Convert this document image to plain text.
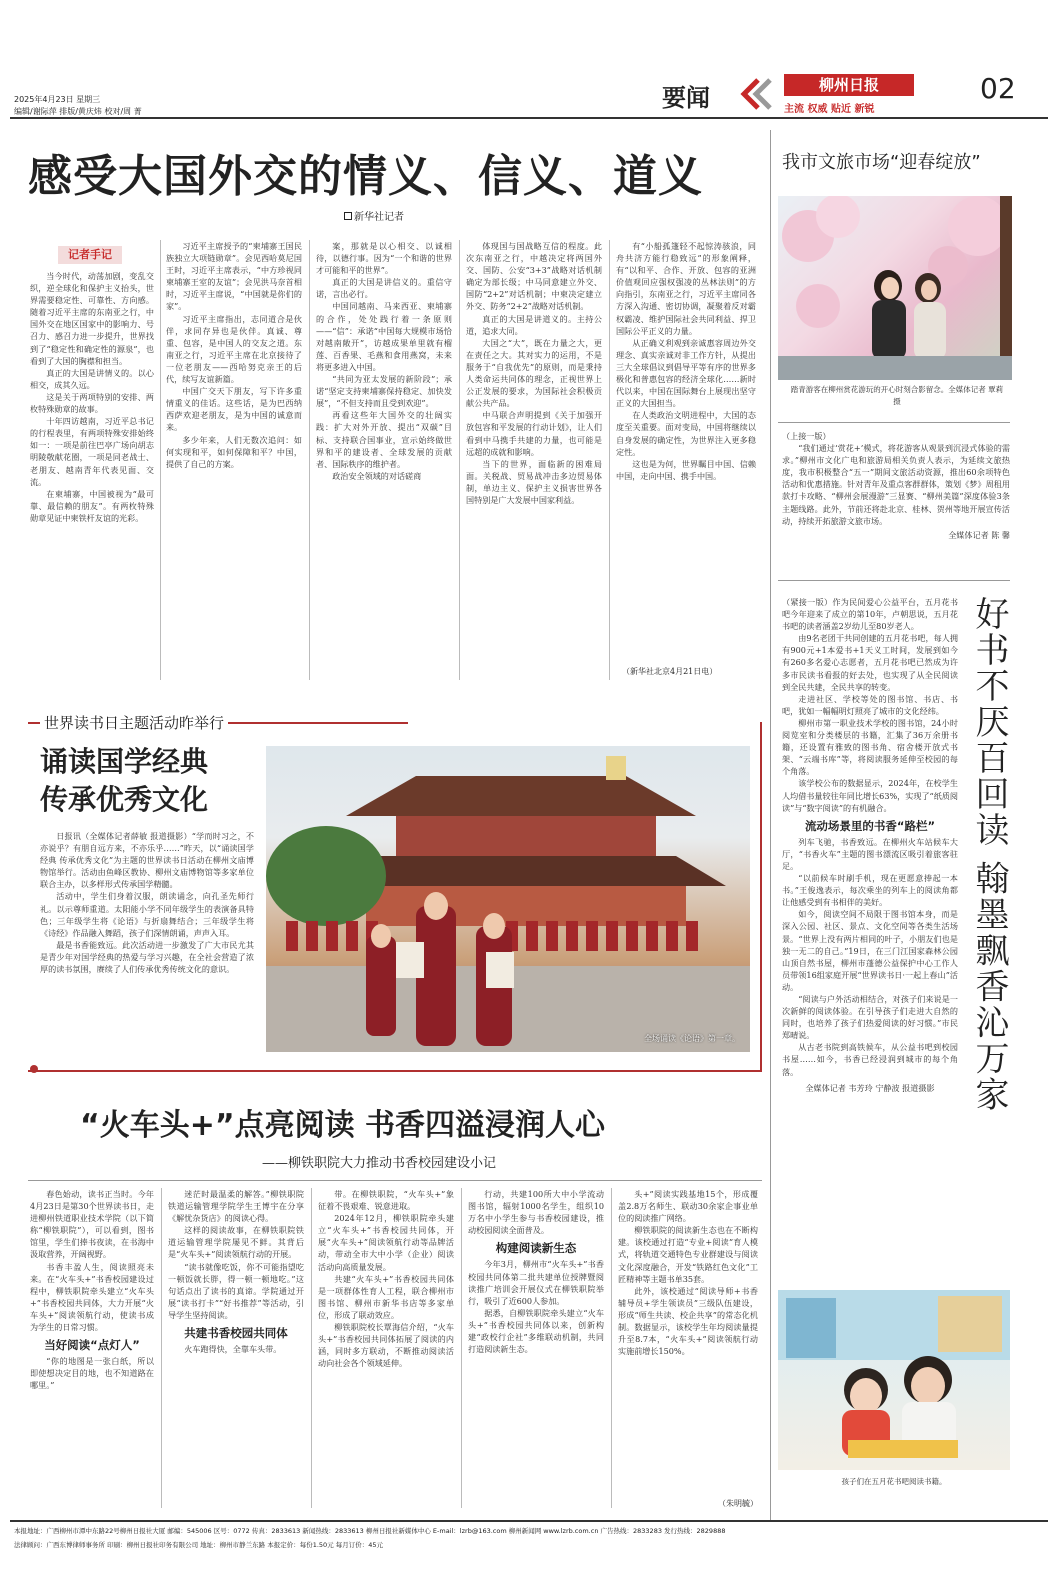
2025年4月23日 星期三
编辑/谢际萍 排版/黄庆炜 校对/周 菁	要闻	柳州日报
主流 权威 贴近 新锐
02
感受大国外交的情义、信义、道义
新华社记者
记者手记

当今时代，动荡加剧，变乱交织，逆全球化和保护主义抬头，世界需要稳定性、可靠性、方向感。随着习近平主席的东南亚之行，中国外交在地区国家中的影响力、号召力、感召力进一步提升，世界找到了“稳定性和确定性的源泉”，也看到了大国的胸襟和担当。

真正的大国是讲情义的。以心相交，成其久远。

这是关于两项特别的安排、两枚特殊勋章的故事。

十年四访越南，习近平总书记的行程表里，有两项特殊安排始终如一：一项是前往巴亭广场向胡志明陵敬献花圈，一项是同老战士、老朋友、越南青年代表见面、交流。

在柬埔寨，中国被视为“最可靠、最信赖的朋友”。有两枚特殊勋章见证中柬铁杆友谊的光彩。

习近平主席授予的“柬埔寨王国民族独立大项链勋章”。会见西哈莫尼国王时，习近平主席表示，“中方珍视同柬埔寨王室的友谊”；会见洪马奈首相时，习近平主席说，“中国就是你们的家”。

习近平主席指出，志同道合是伙伴，求同存异也是伙伴。真诚、尊重、包容，是中国人的交友之道。东南亚之行，习近平主席在北京接待了一位老朋友——西哈努克亲王的后代，续写友谊新篇。

中国广交天下朋友，写下许多重情重义的佳话。这些话，是为巴西纳西萨欢迎老朋友，是为中国的诚意而来。

多少年来，人们无数次追问：如何实现和平，如何保障和平？中国，提供了自己的方案。

案，那就是以心相交、以诚相待，以德行事。因为“一个和谐的世界才可能和平的世界”。

真正的大国是讲信义的。重信守诺，言出必行。

中国同越南、马来西亚、柬埔寨的合作，处处践行着一条原则——“信”：承诺“中国每大规模市场恰对越南敞开”，访越成果单里就有榴莲、百香果、毛燕和食用燕窝，未来将更多进入中国。

“共同为亚太发展的新阶段”；承诺“坚定支持柬埔寨保持稳定、加快发展”，“不但支持而且受到欢迎”。

再看这些年大国外交的壮阔实践：扩大对外开放、提出“双碳”目标、支持联合国事业，宣示始终做世界和平的建设者、全球发展的贡献者、国际秩序的维护者。

政治安全领域的对话磋商

体现国与国战略互信的程度。此次东南亚之行，中越决定将两国外交、国防、公安“3+3”战略对话机制确定为部长级；中马同意建立外交、国防“2+2”对话机制；中柬决定建立外交、防务“2+2”战略对话机制。

真正的大国是讲道义的。主持公道，追求大同。

大国之“大”，既在力量之大，更在责任之大。其对实力的运用，不是服务于“自我优先”的原则，而是秉持人类命运共同体的理念，正视世界上公正发展的要求，为国际社会积极贡献公共产品。

中马联合声明提到《关于加强开放包容和平发展的行动计划》，让人们看到中马携手共建的力量，也可能是远超的成就和影响。

当下的世界，面临新的困难局面。关税战、贸易战冲击多边贸易体制，单边主义、保护主义损害世界各国特别是广大发展中国家利益。

有“小船孤篷轻不起惊涛骇浪，同舟共济方能行稳致远”的形象阐释，有“以和平、合作、开放、包容的亚洲价值观回应强权强凌的丛林法则”的方向指引，东南亚之行，习近平主席同各方深入沟通、密切协调，凝聚着反对霸权霸凌、维护国际社会共同利益、捍卫国际公平正义的力量。

从正确义利观到亲诚惠容周边外交理念、真实亲诚对非工作方针，从提出三大全球倡议到倡导平等有序的世界多极化和普惠包容的经济全球化……新时代以来，中国在国际舞台上展现出坚守正义的大国担当。

在人类政治文明进程中，大国的态度至关重要。面对变局，中国将继续以自身发展的确定性，为世界注入更多稳定性。

这也是为何，世界瞩目中国、信赖中国，走向中国、携手中国。

（新华社北京4月21日电）
我市文旅市场“迎春绽放”
踏青游客在柳州赏花游玩的开心时刻合影留念。全媒体记者 覃莉 摄
（上接一版）

“我们通过‘赏花+’模式，将花游客从观景到沉浸式体验的需求。”柳州市文化广电和旅游局相关负责人表示，为延续文旅热度，我市积极整合“五一”期间文旅活动资源，推出60余项特色活动和优惠措施。针对青年及重点客群群体，策划《梦》周租用款打卡攻略、“柳州会展漫游”三显赛、“柳州美篇”深度体验3条主题线路。此外，节前还将赴北京、桂林、贺州等地开展宣传活动，持续开拓旅游文旅市场。

全媒体记者 陈 馨
好书不厌百回读 翰墨飘香沁万家
（紧接一版）作为民间爱心公益平台，五月花书吧今年迎来了成立的第10年，卢朝思说，五月花书吧的读者涵盖2岁幼儿至80岁老人。

由9名老团干共同创建的五月花书吧，每人拥有900元+1本爱书+1天义工时间，发展到如今有260多名爱心志愿者，五月花书吧已然成为许多市民读书看报的好去处，也实现了从全民阅读到全民共建，全民共享的转变。

走进社区、学校等处的图书馆、书店、书吧，犹如一幅幅明灯照亮了城市的文化经纬。

柳州市第一职业技术学校的图书馆，24小时阅览室和分类楼层的书籍，汇集了36万余册书籍，还设置有雅致的图书角、宿舍楼开放式书架、“云端书库”等，将阅读服务延伸至校园的每个角落。

该学校公布的数据显示，2024年，在校学生人均借书量较往年同比增长63%，实现了“纸质阅读”与“数字阅读”的有机融合。

流动场景里的书香“路栏”

列车飞驰，书香致远。在柳州火车站候车大厅，“书香火车”主题的图书漂流区吸引着旅客驻足。

“以前候车时刷手机，现在更愿意捧起一本书。”王俊逸表示，每次乘坐的列车上的阅读角都让他感受到有书相伴的美好。

如今，阅读空间不局限于图书馆本身，而是深入公园、社区、景点、文化空间等各类生活场景。“世界上没有两片相同的叶子，小朋友们也是独一无二的自己。”19日，在三门江国家森林公园山顶自然书屋，柳州市蓬德公益保护中心工作人员带领16组家庭开展“世界读书日·一起上春山”活动。

“阅读与户外活动相结合，对孩子们来说是一次新鲜的阅读体验。在引导孩子们走进大自然的同时，也培养了孩子们热爱阅读的好习惯。”市民郑晴说。

从古老书院到高铁候车，从公益书吧到校园书屋……如今，书香已经浸润到城市的每个角落。

全媒体记者 韦芳玲 宁静波 报道摄影
孩子们在五月花书吧阅读书籍。
世界读书日主题活动昨举行
诵读国学经典
传承优秀文化

日报讯（全媒体记者薛敏 报道摄影）“学而时习之，不亦说乎？有朋自远方来，不亦乐乎……”昨天，以“诵读国学经典 传承优秀文化”为主题的世界读书日活动在柳州文庙博物馆举行。活动由鱼峰区教协、柳州文庙博物馆等多家单位联合主办，以多样形式传承国学精髓。

活动中，学生们身着汉服，朗读诵念，向孔圣先师行礼。以示尊师重道。太阳能小学不同年级学生的表演备具特色；三年级学生将《论语》与折扇舞结合；三年级学生将《诗经》作品融入舞蹈，孩子们深情朗诵，声声入耳。

最是书香能致远。此次活动进一步激发了广大市民尤其是青少年对国学经典的热爱与学习兴趣，在全社会营造了浓厚的读书氛围，赓续了人们传承优秀传统文化的意识。

全场诵读《论语》第一章。
“火车头+”点亮阅读 书香四溢浸润人心
——柳铁职院大力推动书香校园建设小记

春色始动，读书正当时。今年4月23日是第30个世界读书日，走进柳州铁道职业技术学院（以下简称“柳铁职院”），可以看到，图书馆里，学生们捧书夜读，在书海中汲取营养，开阔视野。

书香丰盈人生，阅读照亮未来。在“火车头+”书香校园建设过程中，柳铁职院牵头建立“火车头+”书香校园共同体，大力开展“火车头+”阅读领航行动，使读书成为学生的日常习惯。

当好阅读“点灯人”

“你的地图是一张白纸，所以即使想决定目的地，也不知道路在哪里。”

迷茫时最温柔的解答。”柳铁职院铁道运输管理学院学生王博宇在分享《解忧杂货店》的阅读心得。

这样的阅读故事，在柳铁职院铁道运输管理学院屡见不鲜。其背后是“火车头+”阅读领航行动的开展。

“读书就像吃饭，你不可能指望吃一顿饭就长胖，得一顿一顿地吃。”这句话点出了读书的真谛。学院通过开展“读书打卡”“好书推荐”等活动，引导学生坚持阅读。

共建书香校园共同体

火车跑得快，全靠车头带。

带。在柳铁职院，“火车头+”象征着不畏艰难、锐意进取。

2024年12月，柳铁职院牵头建立“火车头+”书香校园共同体，开展“火车头+”阅读领航行动等品牌活动，带动全市大中小学（企业）阅读活动向高质量发展。

共建“火车头+”书香校园共同体是一项群体性育人工程，联合柳州市图书馆、柳州市新华书店等多家单位，形成了联动效应。

柳铁职院校长覃海信介绍，“火车头+”书香校园共同体拓展了阅读的内涵，同时多方联动，不断推动阅读活动向社会各个领域延伸。

行动，共建100所大中小学流动图书馆，辐射1000名学生，组织10万名中小学生参与书香校园建设，推动校园阅读全面普及。

构建阅读新生态

今年3月，柳州市“火车头+”书香校园共同体第二批共建单位授牌暨阅读推广培训会开展仪式在柳铁职院举行，吸引了近600人参加。

据悉，自柳铁职院牵头建立“火车头+”书香校园共同体以来，创新构建“政校行企社”多维联动机制，共同打造阅读新生态。

头+”阅读实践基地15个，形成覆盖2.8万名师生、联动30余家企事业单位的阅读推广网络。

柳铁职院的阅读新生态也在不断构建。该校通过打造“专业+阅读”育人模式，将轨道交通特色专业群建设与阅读文化深度融合，开发“铁路红色文化”工匠精神等主题书单35套。

此外，该校通过“阅读导师+书香辅导员+学生领读员”三级队伍建设，形成“师生共读、校企共享”的常态化机制。数据显示，该校学生年均阅读量提升至8.7本，“火车头+”阅读领航行动实施前增长150%。

（朱明毓）
本报地址：广西柳州市潭中东路22号柳州日报社大厦 邮编：545006 区号：0772 传真：2833613 新闻热线：2833613 柳州日报社新媒体中心 E-mail：lzrb@163.com 柳州新闻网 www.lzrb.com.cn 广告热线：2833283 发行热线：2829888
法律顾问：广西东博律师事务所 印刷：柳州日报社印务有限公司 地址：柳州市静兰东路 本报定价：每份1.50元 每月订价：45元
